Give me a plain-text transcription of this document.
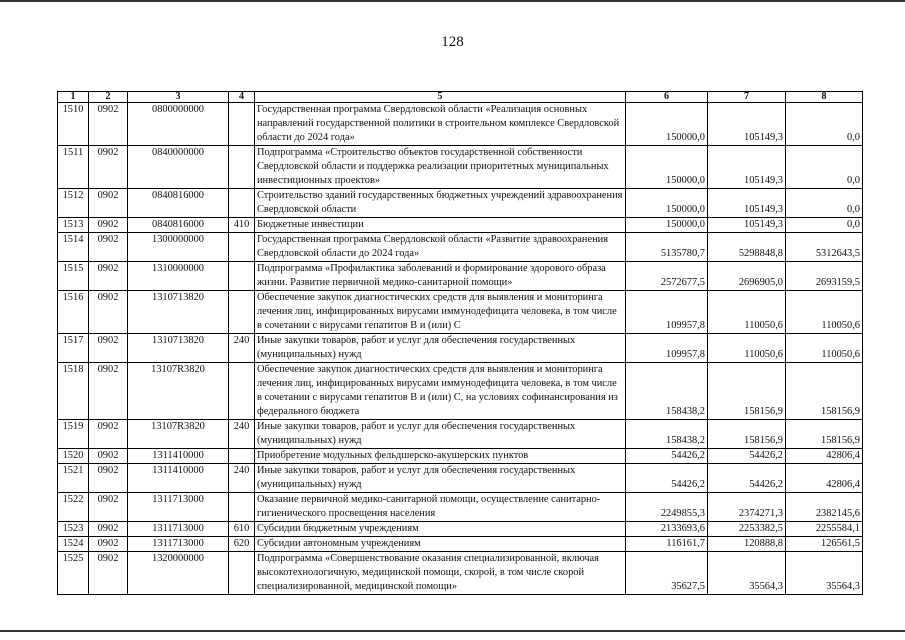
128
1	2	3	4	5	6	7	8
1510	0902	0800000000		Государственная программа Свердловской области «Реализация основных направлений государственной политики в строительном комплексе Свердловской области до 2024 года»	150000,0	105149,3	0,0
1511	0902	0840000000		Подпрограмма «Строительство объектов государственной собственности Свердловской области и поддержка реализации приоритетных муниципальных инвестиционных проектов»	150000,0	105149,3	0,0
1512	0902	0840816000		Строительство зданий государственных бюджетных учреждений здравоохранения Свердловской области	150000,0	105149,3	0,0
1513	0902	0840816000	410	Бюджетные инвестиции	150000,0	105149,3	0,0
1514	0902	1300000000		Государственная программа Свердловской области «Развитие здравоохранения Свердловской области до 2024 года»	5135780,7	5298848,8	5312643,5
1515	0902	1310000000		Подпрограмма «Профилактика заболеваний и формирование здорового образа жизни. Развитие первичной медико-санитарной помощи»	2572677,5	2696905,0	2693159,5
1516	0902	1310713820		Обеспечение закупок диагностических средств для выявления и мониторинга лечения лиц, инфицированных вирусами иммунодефицита человека, в том числе в сочетании с вирусами гепатитов В и (или) С	109957,8	110050,6	110050,6
1517	0902	1310713820	240	Иные закупки товаров, работ и услуг для обеспечения государственных (муниципальных) нужд	109957,8	110050,6	110050,6
1518	0902	13107R3820		Обеспечение закупок диагностических средств для выявления и мониторинга лечения лиц, инфицированных вирусами иммунодефицита человека, в том числе в сочетании с вирусами гепатитов В и (или) С, на условиях софинансирования из федерального бюджета	158438,2	158156,9	158156,9
1519	0902	13107R3820	240	Иные закупки товаров, работ и услуг для обеспечения государственных (муниципальных) нужд	158438,2	158156,9	158156,9
1520	0902	1311410000		Приобретение модульных фельдшерско-акушерских пунктов	54426,2	54426,2	42806,4
1521	0902	1311410000	240	Иные закупки товаров, работ и услуг для обеспечения государственных (муниципальных) нужд	54426,2	54426,2	42806,4
1522	0902	1311713000		Оказание первичной медико-санитарной помощи, осуществление санитарно-гигиенического просвещения населения	2249855,3	2374271,3	2382145,6
1523	0902	1311713000	610	Субсидии бюджетным учреждениям	2133693,6	2253382,5	2255584,1
1524	0902	1311713000	620	Субсидии автономным учреждениям	116161,7	120888,8	126561,5
1525	0902	1320000000		Подпрограмма «Совершенствование оказания специализированной, включая высокотехнологичную, медицинской помощи, скорой, в том числе скорой специализированной, медицинской помощи»	35627,5	35564,3	35564,3
